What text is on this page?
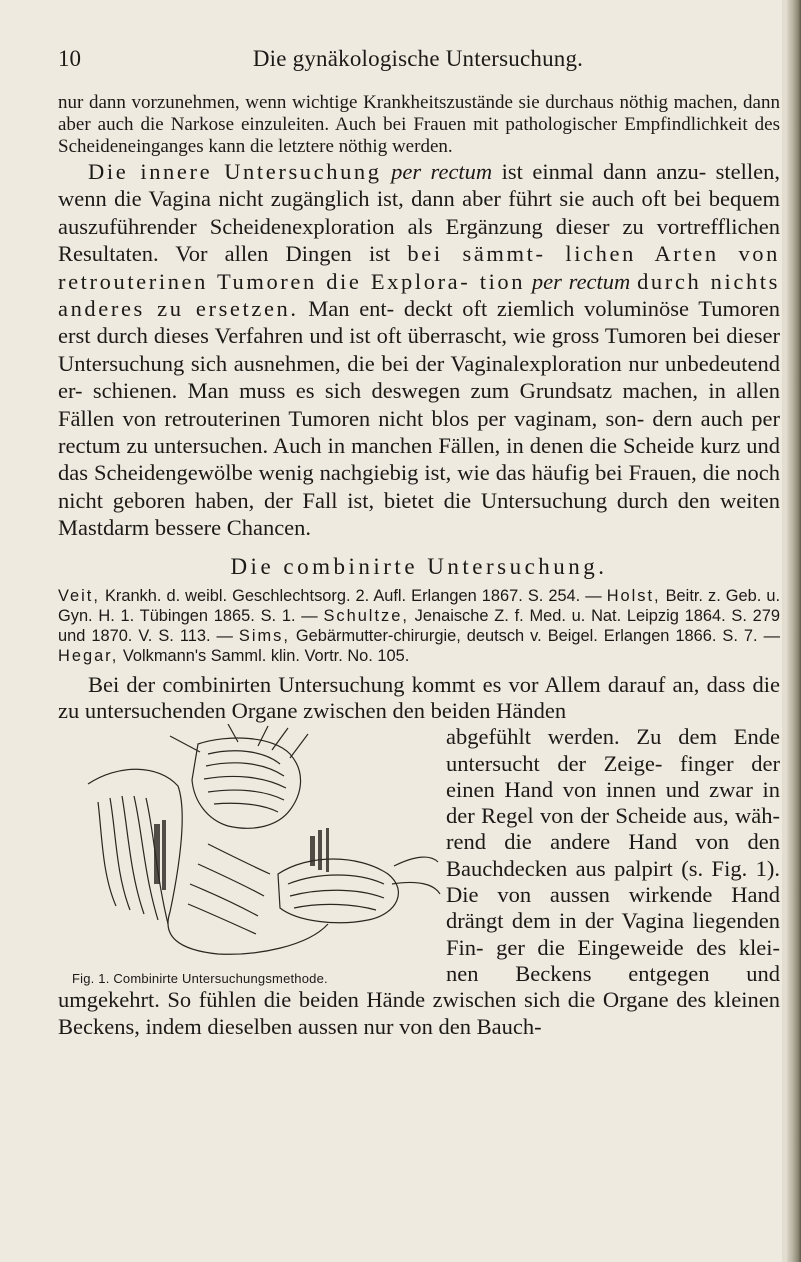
10	Die gynäkologische Untersuchung.

nur dann vorzunehmen, wenn wichtige Krankheitszustände sie durchaus nöthig machen, dann aber auch die Narkose einzuleiten. Auch bei Frauen mit pathologischer Empfindlichkeit des Scheideneinganges kann die letztere nöthig werden.

Die innere Untersuchung per rectum ist einmal dann anzu- stellen, wenn die Vagina nicht zugänglich ist, dann aber führt sie auch oft bei bequem auszuführender Scheidenexploration als Ergänzung dieser zu vortrefflichen Resultaten. Vor allen Dingen ist bei sämmt- lichen Arten von retrouterinen Tumoren die Explora- tion per rectum durch nichts anderes zu ersetzen. Man ent- deckt oft ziemlich voluminöse Tumoren erst durch dieses Verfahren und ist oft überrascht, wie gross Tumoren bei dieser Untersuchung sich ausnehmen, die bei der Vaginalexploration nur unbedeutend er- schienen. Man muss es sich deswegen zum Grundsatz machen, in allen Fällen von retrouterinen Tumoren nicht blos per vaginam, son- dern auch per rectum zu untersuchen. Auch in manchen Fällen, in denen die Scheide kurz und das Scheidengewölbe wenig nachgiebig ist, wie das häufig bei Frauen, die noch nicht geboren haben, der Fall ist, bietet die Untersuchung durch den weiten Mastdarm bessere Chancen.

Die combinirte Untersuchung.

Veit, Krankh. d. weibl. Geschlechtsorg. 2. Aufl. Erlangen 1867. S. 254. — Holst, Beitr. z. Geb. u. Gyn. H. 1. Tübingen 1865. S. 1. — Schultze, Jenaische Z. f. Med. u. Nat. Leipzig 1864. S. 279 und 1870. V. S. 113. — Sims, Gebärmutter-chirurgie, deutsch v. Beigel. Erlangen 1866. S. 7. — Hegar, Volkmann's Samml. klin. Vortr. No. 105.

Bei der combinirten Untersuchung kommt es vor Allem darauf an, dass die zu untersuchenden Organe zwischen den beiden Händen

Fig. 1. Combinirte Untersuchungsmethode.

abgefühlt werden. Zu dem Ende untersucht der Zeige- finger der einen Hand von innen und zwar in der Regel von der Scheide aus, wäh- rend die andere Hand von den Bauchdecken aus palpirt (s. Fig. 1). Die von aussen wirkende Hand drängt dem in der Vagina liegenden Fin- ger die Eingeweide des klei- nen Beckens entgegen und umgekehrt. So fühlen die beiden Hände zwischen sich die Organe des kleinen Beckens, indem dieselben aussen nur von den Bauch-
